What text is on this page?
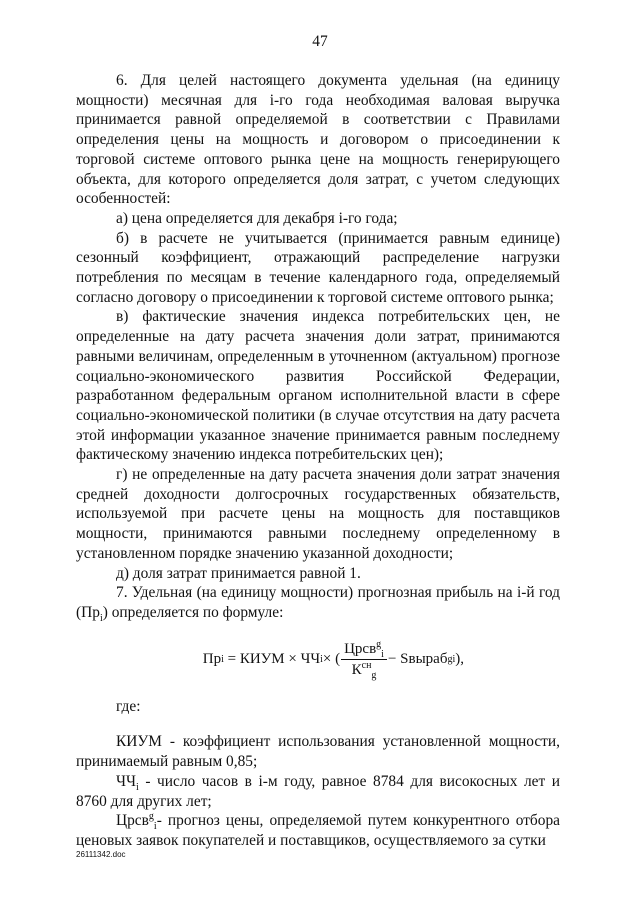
47

6. Для целей настоящего документа удельная (на единицу мощности) месячная для i-го года необходимая валовая выручка принимается равной определяемой в соответствии с Правилами определения цены на мощность и договором о присоединении к торговой системе оптового рынка цене на мощность генерирующего объекта, для которого определяется доля затрат, с учетом следующих особенностей:

а) цена определяется для декабря i-го года;

б) в расчете не учитывается (принимается равным единице) сезонный коэффициент, отражающий распределение нагрузки потребления по месяцам в течение календарного года, определяемый согласно договору о присоединении к торговой системе оптового рынка;

в) фактические значения индекса потребительских цен, не определенные на дату расчета значения доли затрат, принимаются равными величинам, определенным в уточненном (актуальном) прогнозе социально-экономического развития Российской Федерации, разработанном федеральным органом исполнительной власти в сфере социально-экономической политики (в случае отсутствия на дату расчета этой информации указанное значение принимается равным последнему фактическому значению индекса потребительских цен);

г) не определенные на дату расчета значения доли затрат значения средней доходности долгосрочных государственных обязательств, используемой при расчете цены на мощность для поставщиков мощности, принимаются равными последнему определенному в установленном порядке значению указанной доходности;

д) доля затрат принимается равной 1.

7. Удельная (на единицу мощности) прогнозная прибыль на i-й год $(Пр_i)$ определяется по формуле:

Пр i
= КИУМ × ЧЧ i × ( $\frac{Црсв^g_i}{К^{сн}_g}$ − Sвыраб g i ),

где:

КИУМ - коэффициент использования установленной мощности, принимаемый равным 0,85;

$ЧЧ_i$ - число часов в i-м году, равное 8784 для високосных лет и 8760 для других лет;

Црсв$^g_i$- прогноз цены, определяемой путем конкурентного отбора ценовых заявок покупателей и поставщиков, осуществляемого за сутки

26111342.doc
